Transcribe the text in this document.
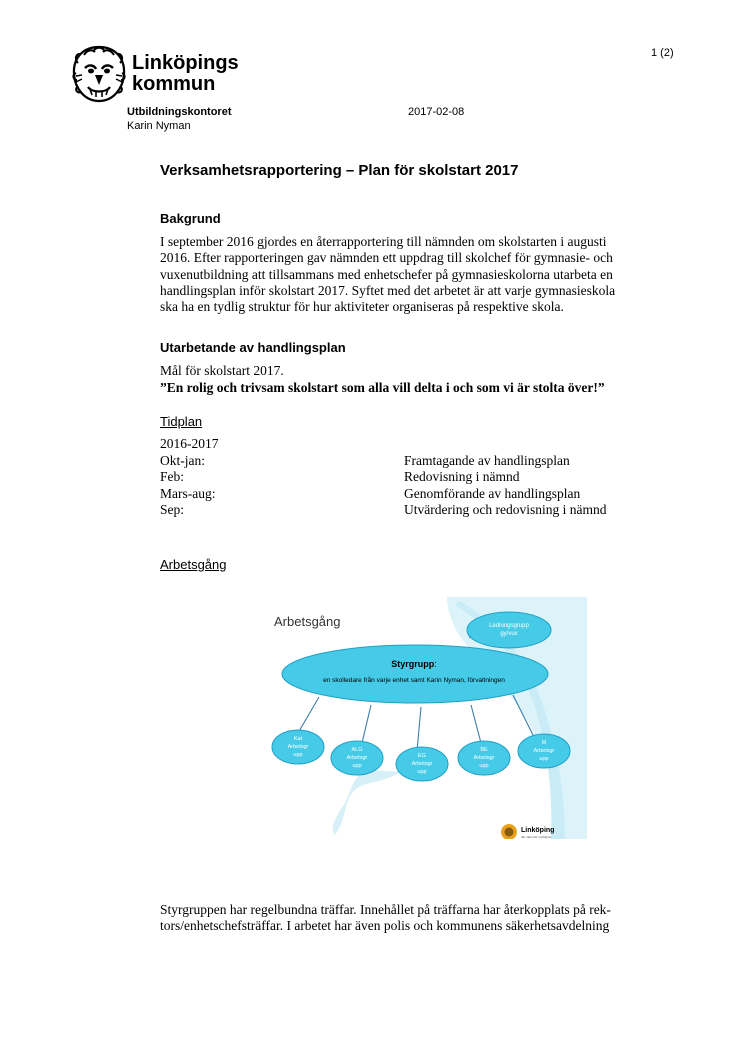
Linköpings
kommun
1 (2)
Utbildningskontoret
Karin Nyman
2017-02-08
Verksamhetsrapportering – Plan för skolstart 2017
Bakgrund
I september 2016 gjordes en återrapportering till nämnden om skolstarten i augusti
2016. Efter rapporteringen gav nämnden ett uppdrag till skolchef för gymnasie- och
vuxenutbildning att tillsammans med enhetschefer på gymnasieskolorna utarbeta en
handlingsplan inför skolstart 2017. Syftet med det arbetet är att varje gymnasieskola
ska ha en tydlig struktur för hur aktiviteter organiseras på respektive skola.
Utarbetande av handlingsplan
Mål för skolstart 2017.
”En rolig och trivsam skolstart som alla vill delta i och som vi är stolta över!”
Tidplan
2016-2017
Okt-jan:	Framtagande av handlingsplan
Feb:	Redovisning i nämnd
Mars-aug:	Genomförande av handlingsplan
Sep:	Utvärdering och redovisning i nämnd
Arbetsgång
Arbetsgång	Ledningsgrupp
gy/vux
Styrgrupp:
en skolledare från varje enhet samt Karin Nyman, förvaltningen
Kat
Arbetsgr
upp
ALG
Arbetsgr
upp
EG
Arbetsgr
upp
BE
Arbetsgr
upp
M
Arbetsgr
upp
Linköping
där idéer blir verklighet
Styrgruppen har regelbundna träffar. Innehållet på träffarna har återkopplats på rek-
tors/enhetschefsträffar. I arbetet har även polis och kommunens säkerhetsavdelning
